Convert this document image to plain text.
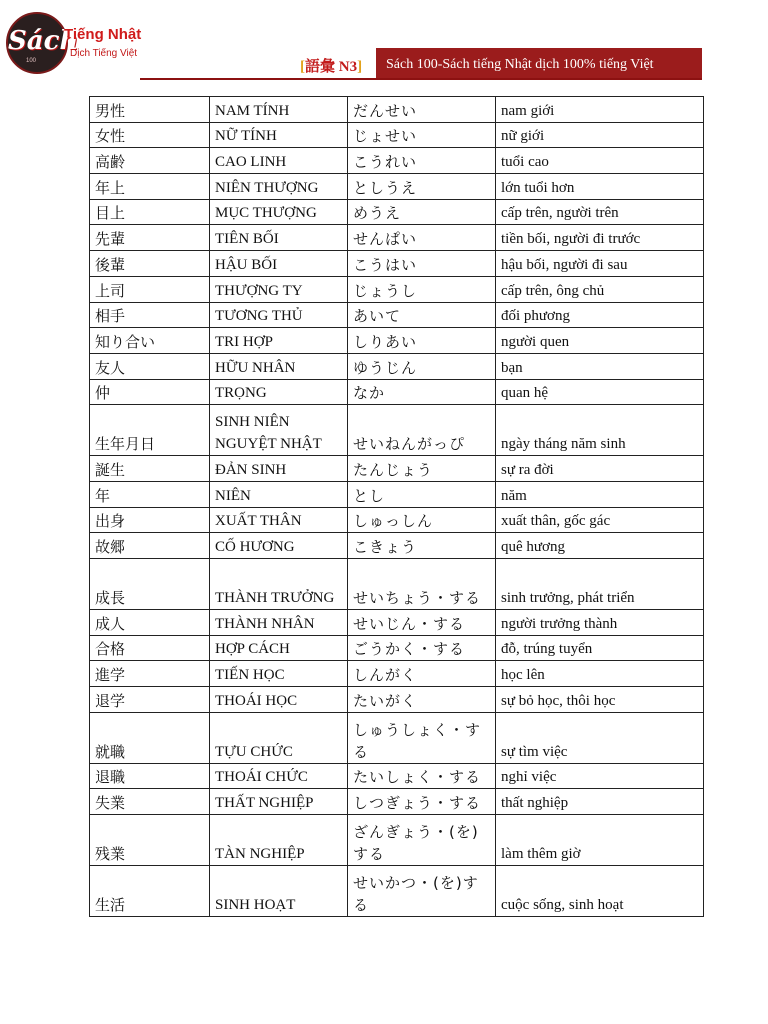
Sách
Tiếng Nhật
Dịch Tiếng Việt
100	[語彙 N3]	Sách 100-Sách tiếng Nhật dịch 100% tiếng Việt
男性	NAM TÍNH	だんせい	nam giới
女性	NỮ TÍNH	じょせい	nữ giới
高齢	CAO LINH	こうれい	tuổi cao
年上	NIÊN THƯỢNG	としうえ	lớn tuổi hơn
目上	MỤC THƯỢNG	めうえ	cấp trên, người trên
先輩	TIÊN BỐI	せんぱい	tiền bối, người đi trước
後輩	HẬU BỐI	こうはい	hậu bối, người đi sau
上司	THƯỢNG TY	じょうし	cấp trên, ông chủ
相手	TƯƠNG THỦ	あいて	đối phương
知り合い	TRI HỢP	しりあい	người quen
友人	HỮU NHÂN	ゆうじん	bạn
仲	TRỌNG	なか	quan hệ
生年月日	SINH NIÊN NGUYỆT NHẬT	せいねんがっぴ	ngày tháng năm sinh
誕生	ĐẢN SINH	たんじょう	sự ra đời
年	NIÊN	とし	năm
出身	XUẤT THÂN	しゅっしん	xuất thân, gốc gác
故郷	CỐ HƯƠNG	こきょう	quê hương
成長	THÀNH TRƯỞNG	せいちょう・する	sinh trưởng, phát triển
成人	THÀNH NHÂN	せいじん・する	người trưởng thành
合格	HỢP CÁCH	ごうかく・する	đỗ, trúng tuyển
進学	TIẾN HỌC	しんがく	học lên
退学	THOÁI HỌC	たいがく	sự bỏ học, thôi học
就職	TỰU CHỨC	しゅうしょく・する	sự tìm việc
退職	THOÁI CHỨC	たいしょく・する	nghỉ việc
失業	THẤT NGHIỆP	しつぎょう・する	thất nghiệp
残業	TÀN NGHIỆP	ざんぎょう・(を)する	làm thêm giờ
生活	SINH HOẠT	せいかつ・(を)する	cuộc sống, sinh hoạt
